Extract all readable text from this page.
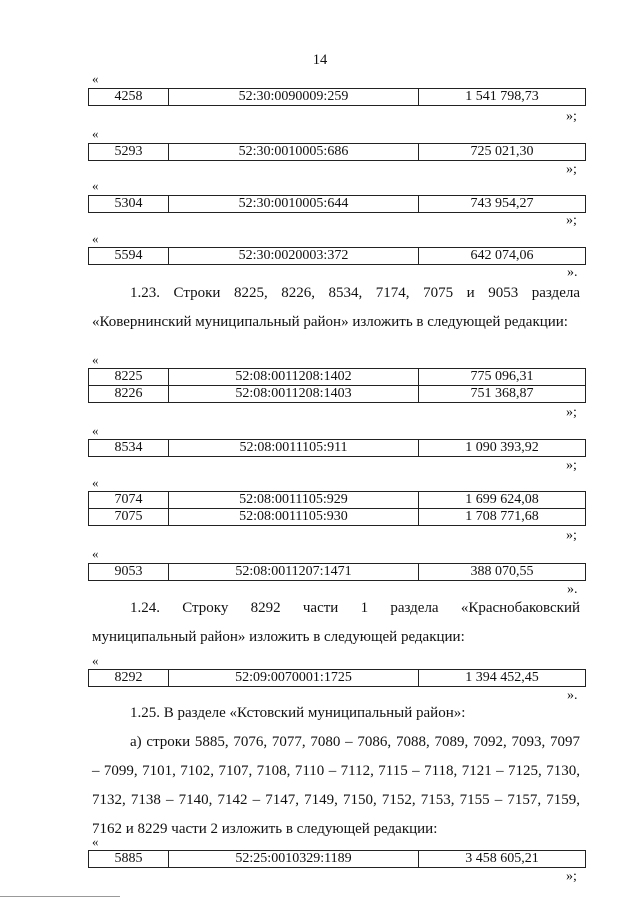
14
«
4258	52:30:0090009:259	1 541 798,73
»;
«
5293	52:30:0010005:686	725 021,30
»;
«
5304	52:30:0010005:644	743 954,27
»;
«
5594	52:30:0020003:372	642 074,06
».
1.23. Строки 8225, 8226, 8534, 7174, 7075 и 9053 раздела
«Ковернинский муниципальный район» изложить в следующей редакции:
«
8225	52:08:0011208:1402	775 096,31
8226	52:08:0011208:1403	751 368,87
»;
«
8534	52:08:0011105:911	1 090 393,92
»;
«
7074	52:08:0011105:929	1 699 624,08
7075	52:08:0011105:930	1 708 771,68
»;
«
9053	52:08:0011207:1471	388 070,55
».
1.24. Строку 8292 части 1 раздела «Краснобаковский
муниципальный район» изложить в следующей редакции:
«
8292	52:09:0070001:1725	1 394 452,45
».
1.25. В разделе «Кстовский муниципальный район»:
а) строки 5885, 7076, 7077, 7080 – 7086, 7088, 7089, 7092, 7093, 7097
– 7099, 7101, 7102, 7107, 7108, 7110 – 7112, 7115 – 7118, 7121 – 7125, 7130,
7132, 7138 – 7140, 7142 – 7147, 7149, 7150, 7152, 7153, 7155 – 7157, 7159,
7162 и 8229 части 2 изложить в следующей редакции:
«
5885	52:25:0010329:1189	3 458 605,21
»;
